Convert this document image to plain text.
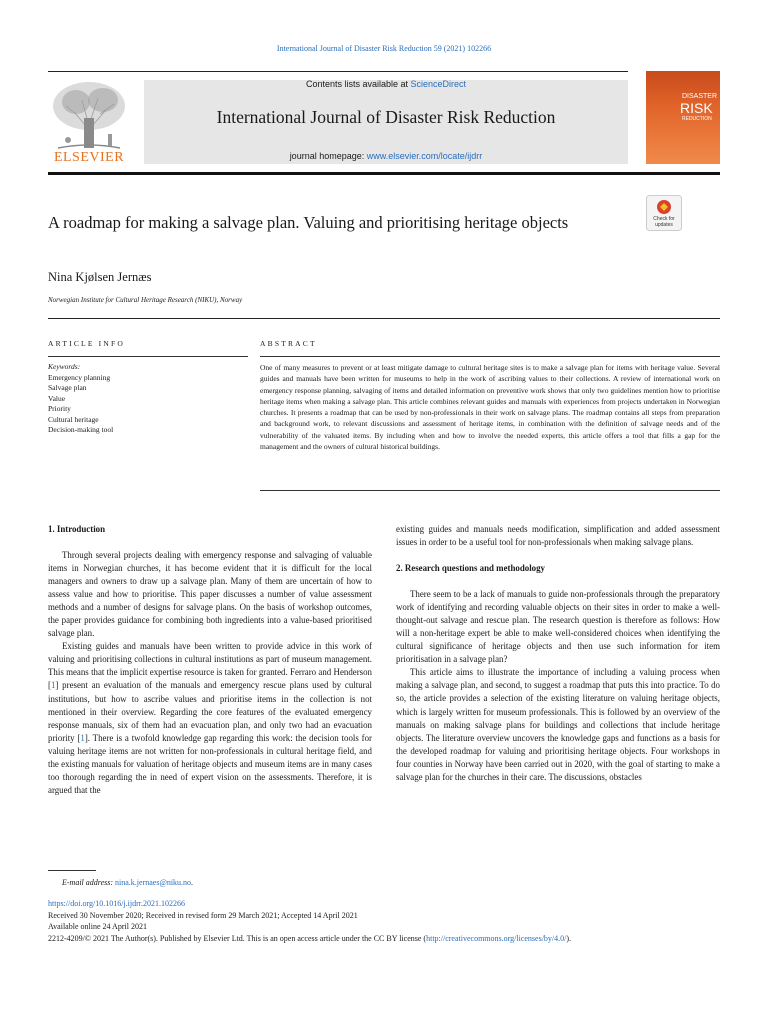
International Journal of Disaster Risk Reduction 59 (2021) 102266
ELSEVIER
Contents lists available at ScienceDirect
International Journal of Disaster Risk Reduction
journal homepage: www.elsevier.com/locate/ijdrr
DISASTER
RISK
REDUCTION
A roadmap for making a salvage plan. Valuing and prioritising heritage objects	Check for updates
Nina Kjølsen Jernæs
Norwegian Institute for Cultural Heritage Research (NIKU), Norway
ARTICLE INFO	ABSTRACT
Keywords:
Emergency planning
Salvage plan
Value
Priority
Cultural heritage
Decision-making tool
One of many measures to prevent or at least mitigate damage to cultural heritage sites is to make a salvage plan for items with heritage value. Several guides and manuals have been written for museums to help in the work of ascribing values to their collections. A review of international work on emergency response planning, salvaging of items and detailed information on preventive work shows that only two guidelines mention how to prioritise heritage items when making a salvage plan. This article combines relevant guides and manuals with experiences from projects undertaken in Norwegian churches. It presents a roadmap that can be used by non-professionals in their work on salvage plans. The roadmap contains all steps from preparation and background work, to relevant discussions and assessment of heritage items, in combination with the definition of salvage needs and of the vulnerability of the valuated items. By including when and how to involve the needed experts, this article offers a tool that fills a gap for the management and the owners of cultural historical buildings.
1. Introduction

Through several projects dealing with emergency response and salvaging of valuable items in Norwegian churches, it has become evident that it is difficult for the local managers and owners to draw up a salvage plan. Many of them are uncertain of how to assess value and how to prioritise. This paper discusses a number of value assessment methods and a number of designs for salvage plans. On the basis of workshop outcomes, the paper provides guidance for combining both ingredients into a value-based prioritised salvage plan.

Existing guides and manuals have been written to provide advice in this work of valuing and prioritising collections in cultural institutions as part of museum management. This means that the implicit expertise resource is taken for granted. Ferraro and Henderson [1] present an evaluation of the manuals and emergency rescue plans used by cultural institutions, but how to ascribe values and prioritise items in the collection is not mentioned in their overview. Regarding the core features of the evaluated emergency response manuals, six of them had an evacuation plan, and only two had an evacuation priority [1]. There is a twofold knowledge gap regarding this work: the decision tools for valuing heritage items are not written for non-professionals in cultural heritage field, and the existing manuals for valuation of heritage objects and museum items are in many cases too thorough regarding the in need of expert vision on the assessments. Therefore, it is argued that the

existing guides and manuals needs modification, simplification and added assessment issues in order to be a useful tool for non-professionals when making salvage plans.

2. Research questions and methodology

There seem to be a lack of manuals to guide non-professionals through the preparatory work of identifying and recording valuable objects on their sites in order to make a well-thought-out salvage and rescue plan. The research question is therefore as follows: How will a non-heritage expert be able to make well-considered choices when identifying the cultural significance of heritage objects and then use such information for item prioritisation in a salvage plan?

This article aims to illustrate the importance of including a valuing process when making a salvage plan, and second, to suggest a roadmap that puts this into practice. To do so, the article provides a selection of the existing literature on valuing heritage objects, which is largely written for museum professionals. This is followed by an overview of the manuals on making salvage plans for buildings and collections that include heritage objects. The literature overview uncovers the knowledge gaps and functions as a basis for the developed roadmap for valuing and prioritising heritage objects. Four workshops in four counties in Norway have been carried out in 2020, with the goal of starting to make a salvage plan for the churches in their care. The discussions, obstacles

E-mail address: nina.k.jernaes@niku.no.
https://doi.org/10.1016/j.ijdrr.2021.102266
Received 30 November 2020; Received in revised form 29 March 2021; Accepted 14 April 2021
Available online 24 April 2021
2212-4209/© 2021 The Author(s). Published by Elsevier Ltd. This is an open access article under the CC BY license (http://creativecommons.org/licenses/by/4.0/).
